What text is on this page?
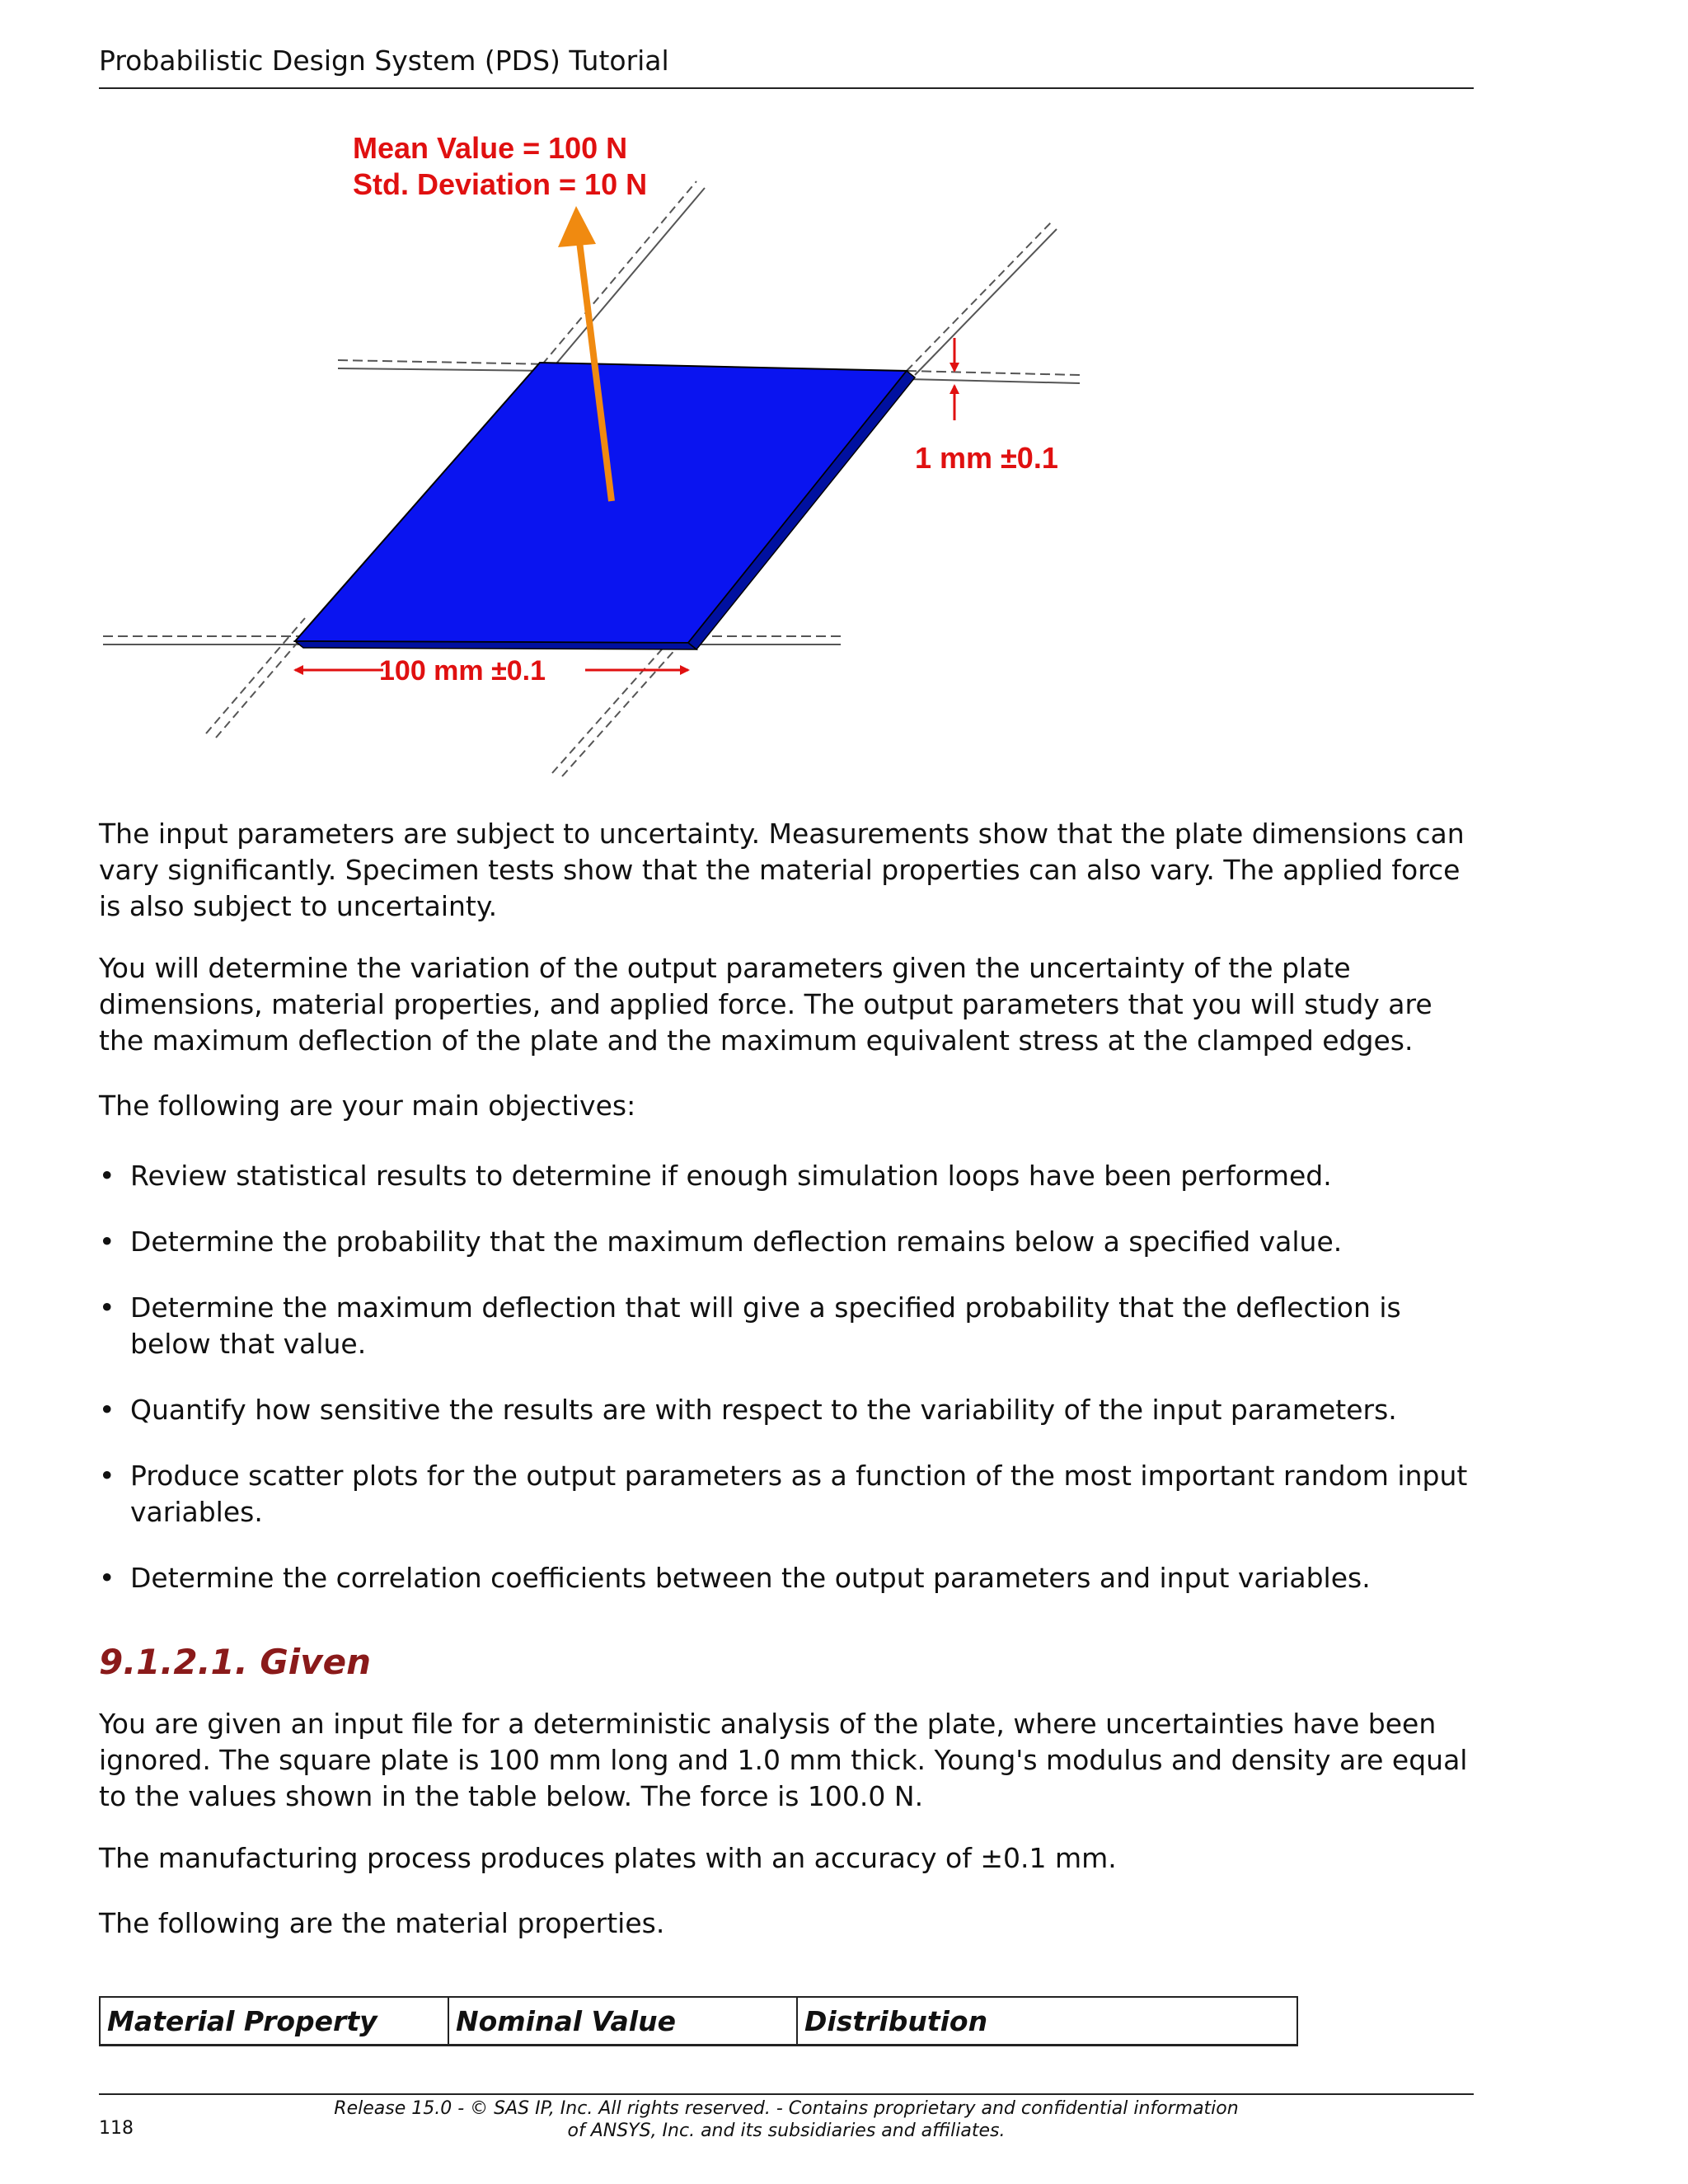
Probabilistic Design System (PDS) Tutorial
Mean Value = 100 N
Std. Deviation = 10 N
1 mm ±0.1
100 mm ±0.1
The input parameters are subject to uncertainty. Measurements show that the plate dimensions can vary significantly. Specimen tests show that the material properties can also vary. The applied force is also subject to uncertainty.
You will determine the variation of the output parameters given the uncertainty of the plate dimensions, material properties, and applied force. The output parameters that you will study are the maximum deflection of the plate and the maximum equivalent stress at the clamped edges.
The following are your main objectives:
• Review statistical results to determine if enough simulation loops have been performed.
• Determine the probability that the maximum deflection remains below a specified value.
• Determine the maximum deflection that will give a specified probability that the deflection is below that value.
• Quantify how sensitive the results are with respect to the variability of the input parameters.
• Produce scatter plots for the output parameters as a function of the most important random input variables.
• Determine the correlation coefficients between the output parameters and input variables.
9.1.2.1. Given
You are given an input file for a deterministic analysis of the plate, where uncertainties have been ignored. The square plate is 100 mm long and 1.0 mm thick. Young's modulus and density are equal to the values shown in the table below. The force is 100.0 N.
The manufacturing process produces plates with an accuracy of ±0.1 mm.
The following are the material properties.
Material Property	Nominal Value	Distribution
Release 15.0 - © SAS IP, Inc. All rights reserved. - Contains proprietary and confidential information
of ANSYS, Inc. and its subsidiaries and affiliates.
118
